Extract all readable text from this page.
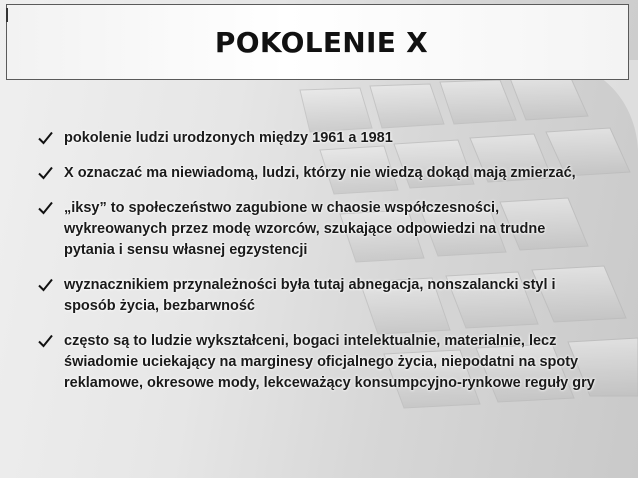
POKOLENIE X
pokolenie ludzi urodzonych między 1961 a 1981
X oznaczać ma niewiadomą, ludzi, którzy nie wiedzą dokąd mają zmierzać,
„iksy” to społeczeństwo zagubione w chaosie współczesności, wykreowanych przez modę wzorców, szukające odpowiedzi na trudne pytania i sensu własnej egzystencji
wyznacznikiem przynależności była tutaj abnegacja, nonszalancki styl i sposób życia, bezbarwność
często są to ludzie wykształceni, bogaci intelektualnie, materialnie, lecz świadomie uciekający na marginesy oficjalnego życia, niepodatni na spoty reklamowe, okresowe mody, lekceważący konsumpcyjno-rynkowe reguły gry
